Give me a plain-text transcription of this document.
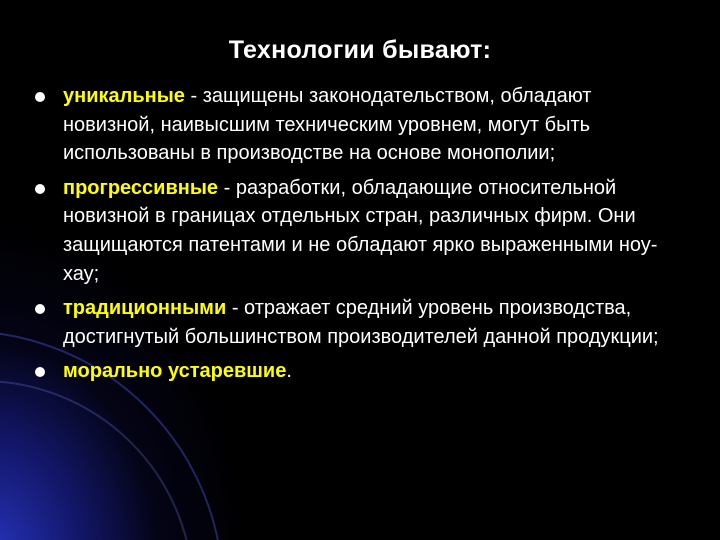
Технологии бывают:
уникальные - защищены законодательством, обладают новизной, наивысшим техническим уровнем, могут быть использованы в производстве на основе монополии;
прогрессивные - разработки, обладающие относительной новизной в границах отдельных стран, различных фирм. Они защищаются патентами и не обладают ярко выраженными ноу-хау;
традиционными - отражает средний уровень производства, достигнутый большинством производителей данной продукции;
морально устаревшие.
